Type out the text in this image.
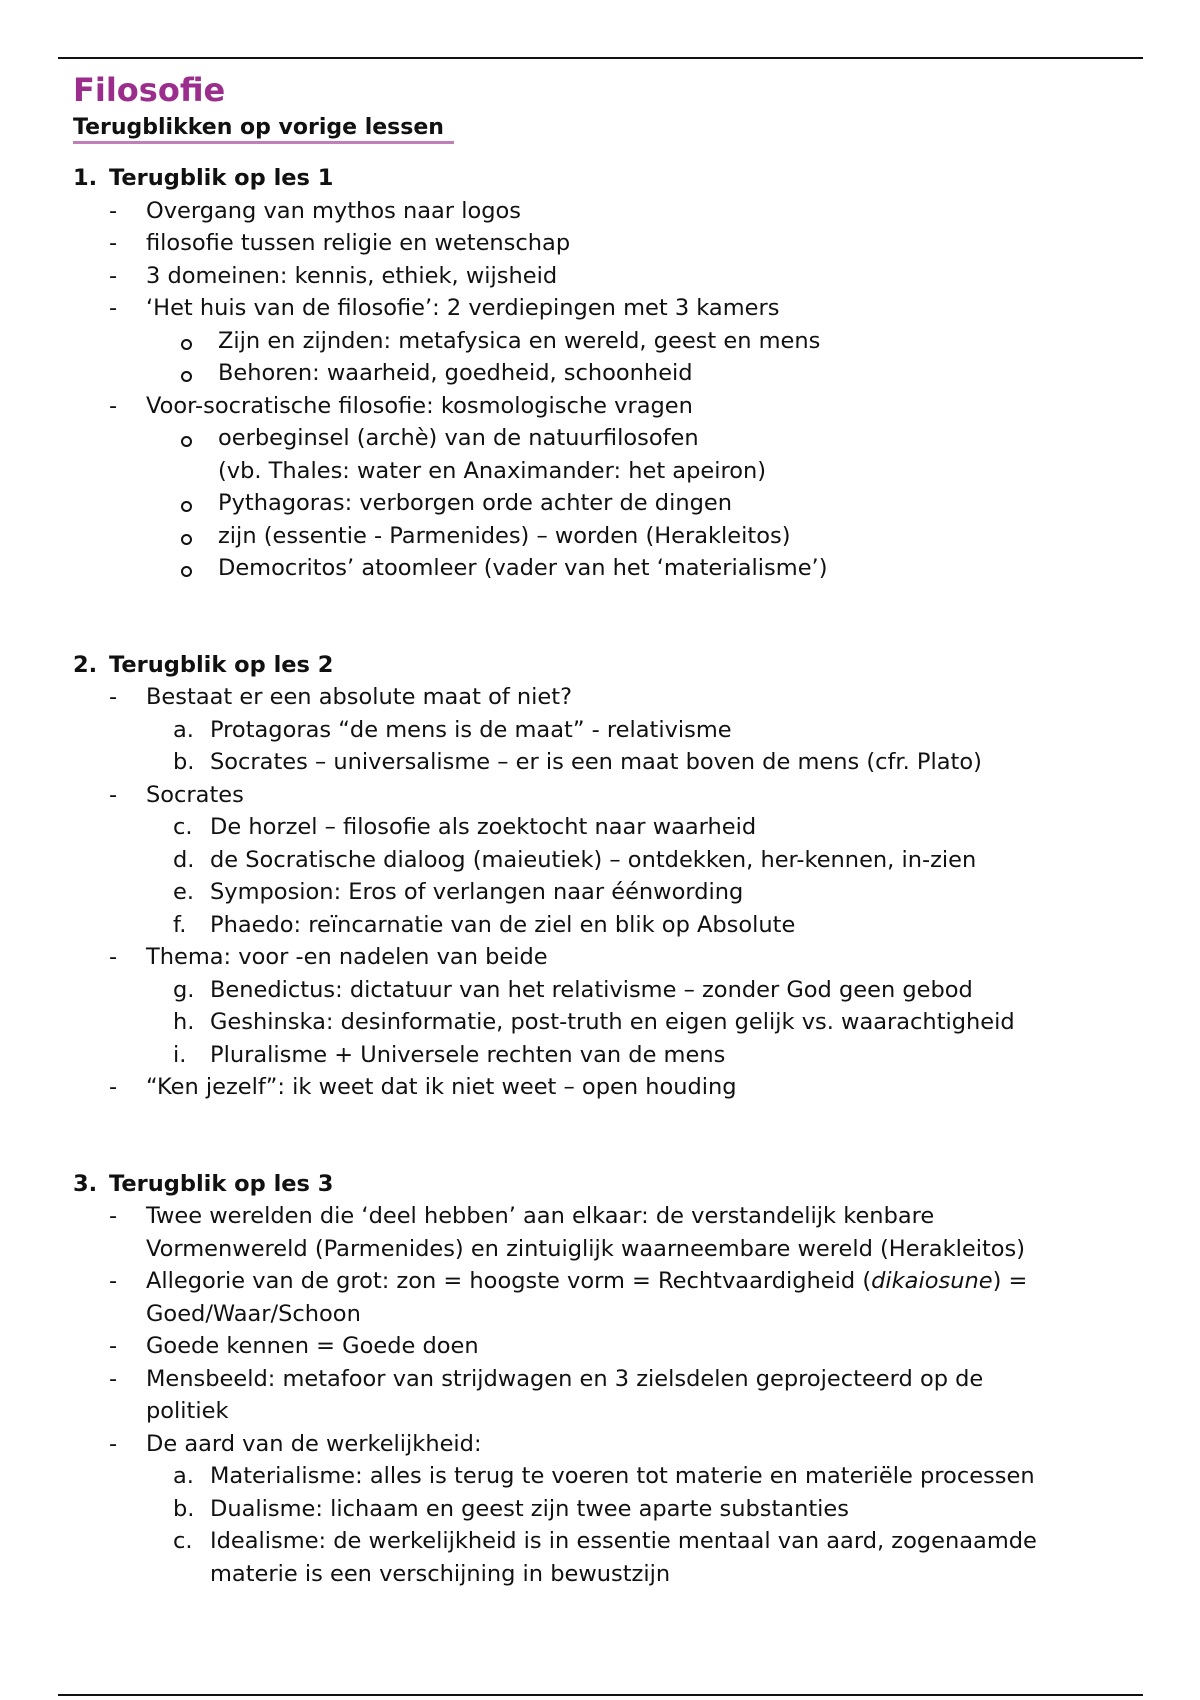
Filosofie
Terugblikken op vorige lessen
1. Terugblik op les 1
- Overgang van mythos naar logos
- filosofie tussen religie en wetenschap
- 3 domeinen: kennis, ethiek, wijsheid
- ‘Het huis van de filosofie’: 2 verdiepingen met 3 kamers
Zijn en zijnden: metafysica en wereld, geest en mens
Behoren: waarheid, goedheid, schoonheid
- Voor-socratische filosofie: kosmologische vragen
oerbeginsel (archè) van de natuurfilosofen
(vb. Thales: water en Anaximander: het apeiron)
Pythagoras: verborgen orde achter de dingen
zijn (essentie - Parmenides) – worden (Herakleitos)
Democritos’ atoomleer (vader van het ‘materialisme’)
2. Terugblik op les 2
- Bestaat er een absolute maat of niet?
a. Protagoras “de mens is de maat” - relativisme
b. Socrates – universalisme – er is een maat boven de mens (cfr. Plato)
- Socrates
c. De horzel – filosofie als zoektocht naar waarheid
d. de Socratische dialoog (maieutiek) – ontdekken, her-kennen, in-zien
e. Symposion: Eros of verlangen naar éénwording
f. Phaedo: reïncarnatie van de ziel en blik op Absolute
- Thema: voor -en nadelen van beide
g. Benedictus: dictatuur van het relativisme – zonder God geen gebod
h. Geshinska: desinformatie, post-truth en eigen gelijk vs. waarachtigheid
i. Pluralisme + Universele rechten van de mens
- “Ken jezelf”: ik weet dat ik niet weet – open houding
3. Terugblik op les 3
- Twee werelden die ‘deel hebben’ aan elkaar: de verstandelijk kenbare
Vormenwereld (Parmenides) en zintuiglijk waarneembare wereld (Herakleitos)
- Allegorie van de grot: zon = hoogste vorm = Rechtvaardigheid (dikaiosune) =
Goed/Waar/Schoon
- Goede kennen = Goede doen
- Mensbeeld: metafoor van strijdwagen en 3 zielsdelen geprojecteerd op de
politiek
- De aard van de werkelijkheid:
a. Materialisme: alles is terug te voeren tot materie en materiële processen
b. Dualisme: lichaam en geest zijn twee aparte substanties
c. Idealisme: de werkelijkheid is in essentie mentaal van aard, zogenaamde
materie is een verschijning in bewustzijn
